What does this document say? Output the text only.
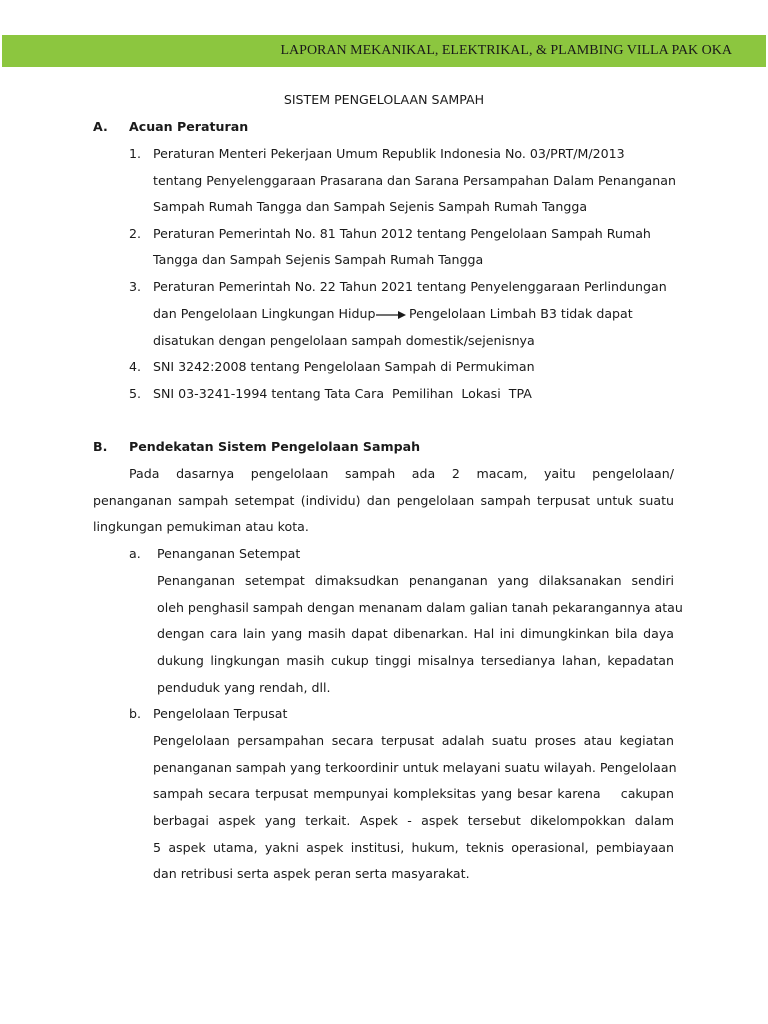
LAPORAN MEKANIKAL, ELEKTRIKAL, & PLAMBING VILLA PAK OKA
SISTEM PENGELOLAAN SAMPAH
A. Acuan Peraturan
1. Peraturan Menteri Pekerjaan Umum Republik Indonesia No. 03/PRT/M/2013
tentang Penyelenggaraan Prasarana dan Sarana Persampahan Dalam Penanganan
Sampah Rumah Tangga dan Sampah Sejenis Sampah Rumah Tangga
2. Peraturan Pemerintah No. 81 Tahun 2012 tentang Pengelolaan Sampah Rumah
Tangga dan Sampah Sejenis Sampah Rumah Tangga
3. Peraturan Pemerintah No. 22 Tahun 2021 tentang Penyelenggaraan Perlindungan
dan Pengelolaan Lingkungan Hidup	Pengelolaan Limbah B3 tidak dapat
disatukan dengan pengelolaan sampah domestik/sejenisnya
4. SNI 3242:2008 tentang Pengelolaan Sampah di Permukiman
5. SNI 03-3241-1994 tentang Tata Cara  Pemilihan  Lokasi  TPA
B. Pendekatan Sistem Pengelolaan Sampah
Pada dasarnya pengelolaan sampah ada 2 macam, yaitu pengelolaan/
penanganan sampah setempat (individu) dan pengelolaan sampah terpusat untuk suatu
lingkungan pemukiman atau kota.
a. Penanganan Setempat
Penanganan setempat dimaksudkan penanganan yang dilaksanakan sendiri
oleh penghasil sampah dengan menanam dalam galian tanah pekarangannya atau
dengan cara lain yang masih dapat dibenarkan. Hal ini dimungkinkan bila daya
dukung lingkungan masih cukup tinggi misalnya tersedianya lahan, kepadatan
penduduk yang rendah, dll.
b. Pengelolaan Terpusat
Pengelolaan persampahan secara terpusat adalah suatu proses atau kegiatan
penanganan sampah yang terkoordinir untuk melayani suatu wilayah. Pengelolaan
sampah secara terpusat mempunyai kompleksitas yang besar karena    cakupan
berbagai aspek yang terkait. Aspek - aspek tersebut dikelompokkan dalam
5 aspek utama, yakni aspek institusi, hukum, teknis operasional, pembiayaan
dan retribusi serta aspek peran serta masyarakat.
